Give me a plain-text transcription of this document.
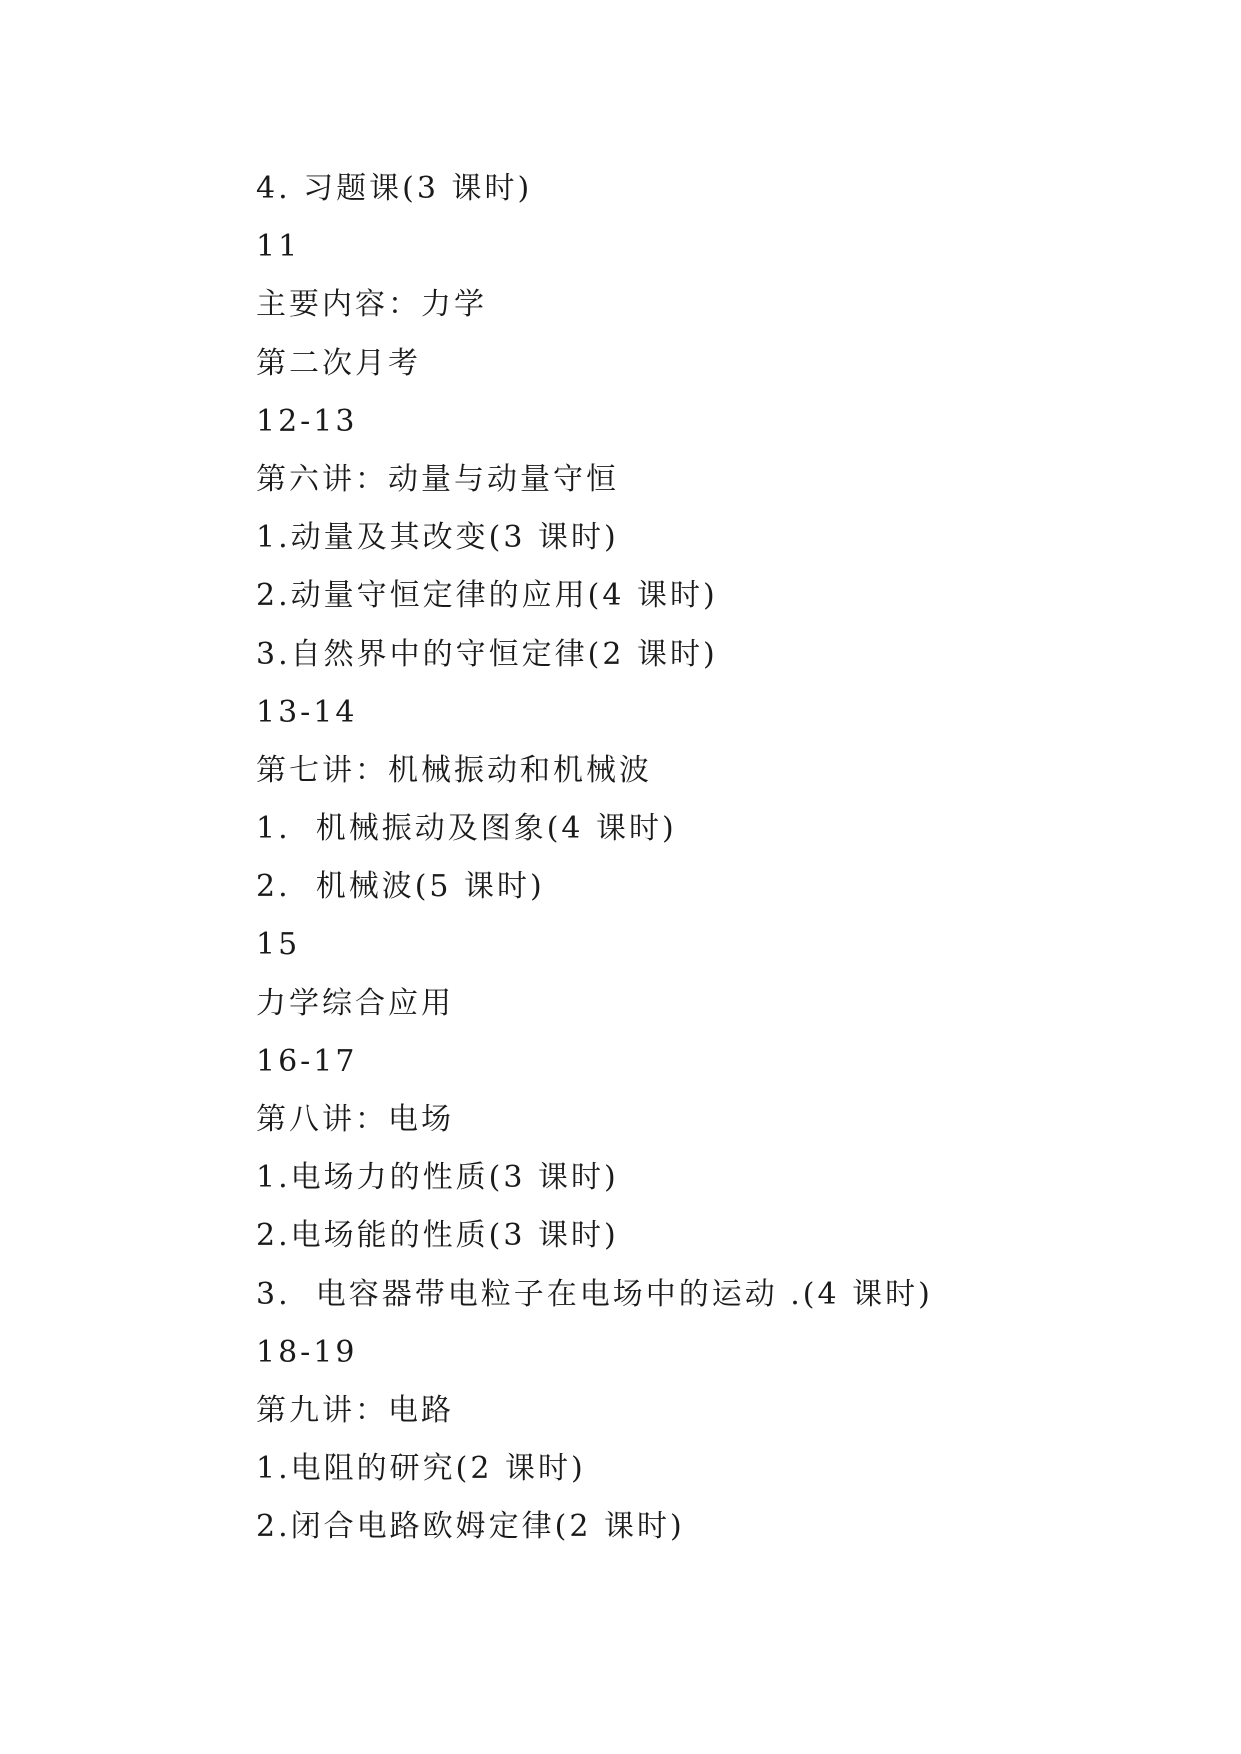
4. 习题课(3 课时)
11
主要内容：力学
第二次月考
12-13
第六讲：动量与动量守恒
1.动量及其改变(3 课时)
2.动量守恒定律的应用(4 课时)
3.自然界中的守恒定律(2 课时)
13-14
第七讲：机械振动和机械波
1.  机械振动及图象(4 课时)
2.  机械波(5 课时)
15
力学综合应用
16-17
第八讲：电场
1.电场力的性质(3 课时)
2.电场能的性质(3 课时)
3.  电容器带电粒子在电场中的运动 .(4 课时)
18-19
第九讲：电路
1.电阻的研究(2 课时)
2.闭合电路欧姆定律(2 课时)
